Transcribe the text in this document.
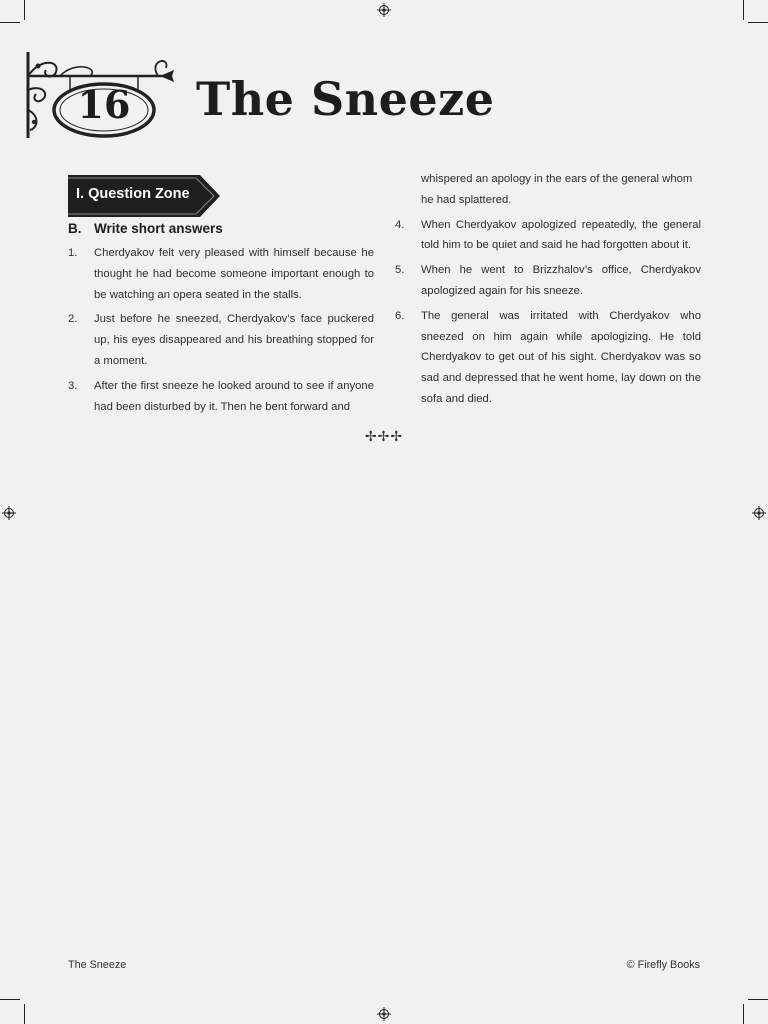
16 The Sneeze
I. Question Zone
B. Write short answers
1. Cherdyakov felt very pleased with himself because he thought he had become someone important enough to be watching an opera seated in the stalls.
2. Just before he sneezed, Cherdyakov’s face puckered up, his eyes disappeared and his breathing stopped for a moment.
3. After the first sneeze he looked around to see if anyone had been disturbed by it. Then he bent forward and
whispered an apology in the ears of the general whom he had splattered.
4. When Cherdyakov apologized repeatedly, the general told him to be quiet and said he had forgotten about it.
5. When he went to Brizzhalov’s office, Cherdyakov apologized again for his sneeze.
6. The general was irritated with Cherdyakov who sneezed on him again while apologizing. He told Cherdyakov to get out of his sight. Cherdyakov was so sad and depressed that he went home, lay down on the sofa and died.
✢✢✢
The Sneeze	© Firefly Books
